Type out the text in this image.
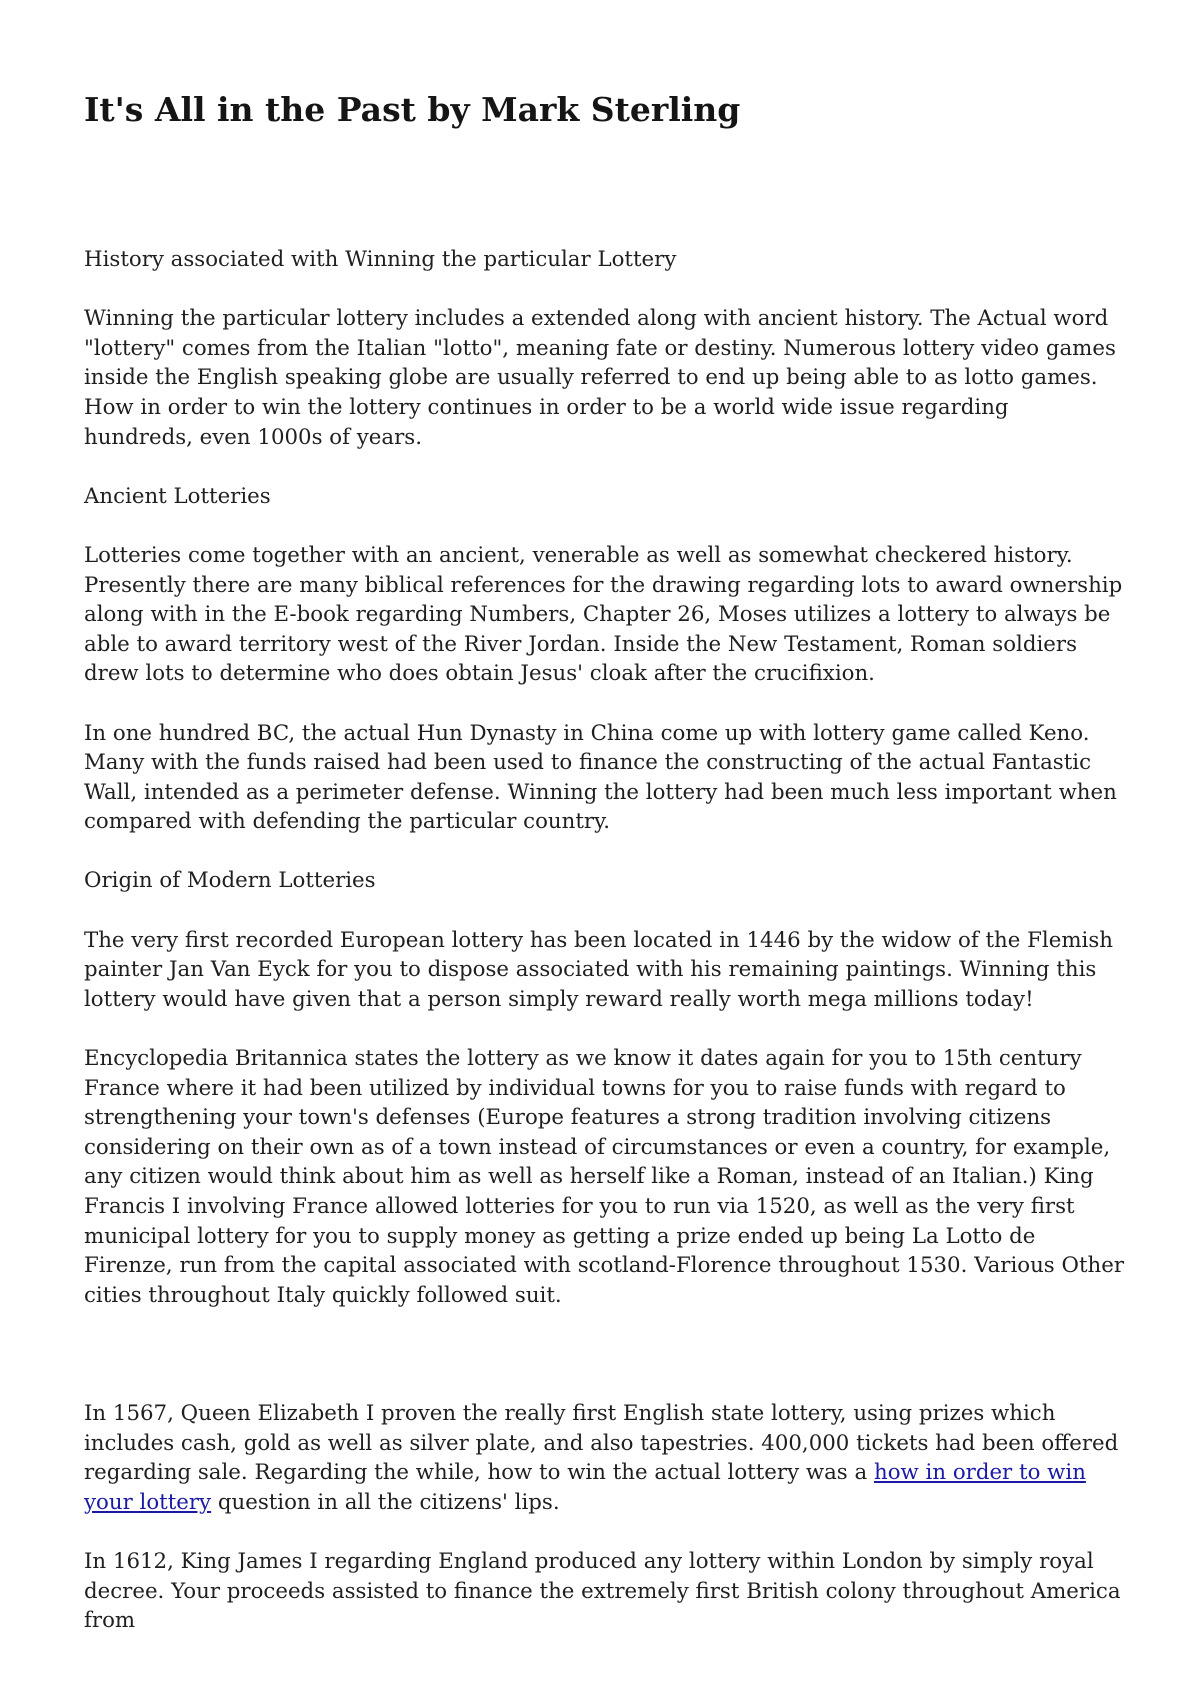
It's All in the Past by Mark Sterling

History associated with Winning the particular Lottery

Winning the particular lottery includes a extended along with ancient history. The Actual word "lottery" comes from the Italian "lotto", meaning fate or destiny. Numerous lottery video games inside the English speaking globe are usually referred to end up being able to as lotto games. How in order to win the lottery continues in order to be a world wide issue regarding hundreds, even 1000s of years.

Ancient Lotteries

Lotteries come together with an ancient, venerable as well as somewhat checkered history. Presently there are many biblical references for the drawing regarding lots to award ownership along with in the E-book regarding Numbers, Chapter 26, Moses utilizes a lottery to always be able to award territory west of the River Jordan. Inside the New Testament, Roman soldiers drew lots to determine who does obtain Jesus' cloak after the crucifixion.

In one hundred BC, the actual Hun Dynasty in China come up with lottery game called Keno. Many with the funds raised had been used to finance the constructing of the actual Fantastic Wall, intended as a perimeter defense. Winning the lottery had been much less important when compared with defending the particular country.

Origin of Modern Lotteries

The very first recorded European lottery has been located in 1446 by the widow of the Flemish painter Jan Van Eyck for you to dispose associated with his remaining paintings. Winning this lottery would have given that a person simply reward really worth mega millions today!

Encyclopedia Britannica states the lottery as we know it dates again for you to 15th century France where it had been utilized by individual towns for you to raise funds with regard to strengthening your town's defenses (Europe features a strong tradition involving citizens considering on their own as of a town instead of circumstances or even a country, for example, any citizen would think about him as well as herself like a Roman, instead of an Italian.) King Francis I involving France allowed lotteries for you to run via 1520, as well as the very first municipal lottery for you to supply money as getting a prize ended up being La Lotto de Firenze, run from the capital associated with scotland-Florence throughout 1530. Various Other cities throughout Italy quickly followed suit.

In 1567, Queen Elizabeth I proven the really first English state lottery, using prizes which includes cash, gold as well as silver plate, and also tapestries. 400,000 tickets had been offered regarding sale. Regarding the while, how to win the actual lottery was a how in order to win your lottery question in all the citizens' lips.

In 1612, King James I regarding England produced any lottery within London by simply royal decree. Your proceeds assisted to finance the extremely first British colony throughout America from
